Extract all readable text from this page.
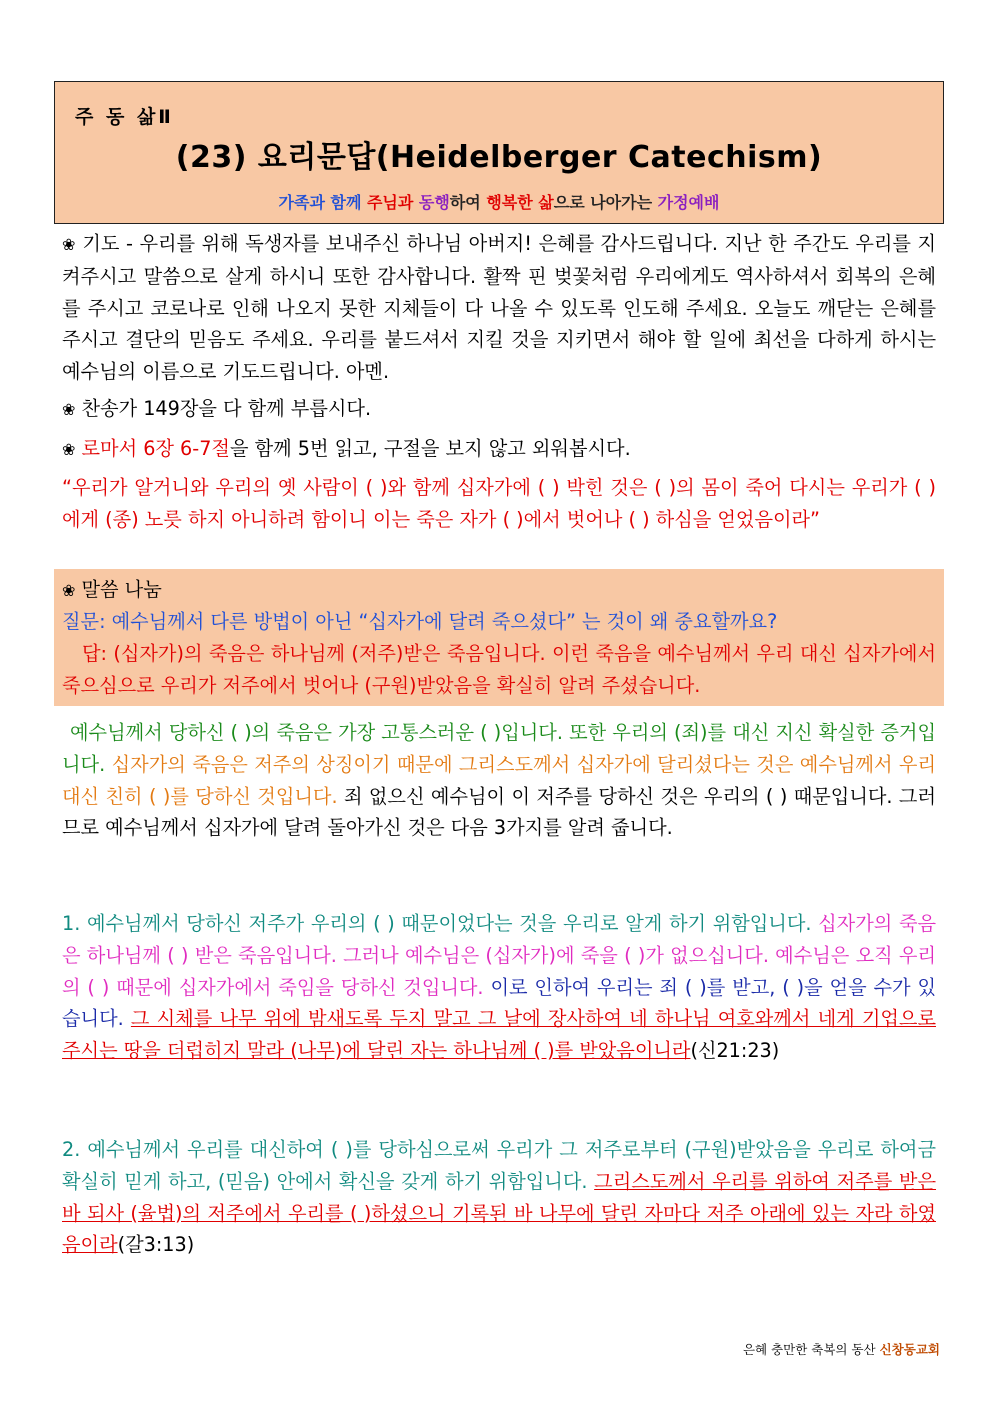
주 동 삶Ⅱ
(23) 요리문답(Heidelberger Catechism)
가족과 함께 주님과 동행하여 행복한 삶으로 나아가는 가정예배
❀ 기도 - 우리를 위해 독생자를 보내주신 하나님 아버지! 은혜를 감사드립니다. 지난 한 주간도 우리를 지켜주시고 말씀으로 살게 하시니 또한 감사합니다. 활짝 핀 벚꽃처럼 우리에게도 역사하셔서 회복의 은혜를 주시고 코로나로 인해 나오지 못한 지체들이 다 나올 수 있도록 인도해 주세요. 오늘도 깨닫는 은혜를 주시고 결단의 믿음도 주세요. 우리를 붙드셔서 지킬 것을 지키면서 해야 할 일에 최선을 다하게 하시는 예수님의 이름으로 기도드립니다. 아멘.
❀ 찬송가 149장을 다 함께 부릅시다.
❀ 로마서 6장 6-7절을 함께 5번 읽고, 구절을 보지 않고 외워봅시다.
“우리가 알거니와 우리의 옛 사람이 ( )와 함께 십자가에 ( ) 박힌 것은 ( )의 몸이 죽어 다시는 우리가 ( )에게 (종) 노릇 하지 아니하려 함이니 이는 죽은 자가 ( )에서 벗어나 ( ) 하심을 얻었음이라”
❀ 말씀 나눔
질문: 예수님께서 다른 방법이 아닌 “십자가에 달려 죽으셨다” 는 것이 왜 중요할까요?
답: (십자가)의 죽음은 하나님께 (저주)받은 죽음입니다. 이런 죽음을 예수님께서 우리 대신 십자가에서 죽으심으로 우리가 저주에서 벗어나 (구원)받았음을 확실히 알려 주셨습니다.
예수님께서 당하신 ( )의 죽음은 가장 고통스러운 ( )입니다. 또한 우리의 (죄)를 대신 지신 확실한 증거입니다. 십자가의 죽음은 저주의 상징이기 때문에 그리스도께서 십자가에 달리셨다는 것은 예수님께서 우리 대신 친히 ( )를 당하신 것입니다. 죄 없으신 예수님이 이 저주를 당하신 것은 우리의 ( ) 때문입니다. 그러므로 예수님께서 십자가에 달려 돌아가신 것은 다음 3가지를 알려 줍니다.
1. 예수님께서 당하신 저주가 우리의 ( ) 때문이었다는 것을 우리로 알게 하기 위함입니다. 십자가의 죽음은 하나님께 ( ) 받은 죽음입니다. 그러나 예수님은 (십자가)에 죽을 ( )가 없으십니다. 예수님은 오직 우리의 ( ) 때문에 십자가에서 죽임을 당하신 것입니다. 이로 인하여 우리는 죄 ( )를 받고, ( )을 얻을 수가 있습니다. 그 시체를 나무 위에 밤새도록 두지 말고 그 날에 장사하여 네 하나님 여호와께서 네게 기업으로 주시는 땅을 더럽히지 말라 (나무)에 달린 자는 하나님께 ( )를 받았음이니라(신21:23)
2. 예수님께서 우리를 대신하여 ( )를 당하심으로써 우리가 그 저주로부터 (구원)받았음을 우리로 하여금 확실히 믿게 하고, (믿음) 안에서 확신을 갖게 하기 위함입니다. 그리스도께서 우리를 위하여 저주를 받은 바 되사 (율법)의 저주에서 우리를 ( )하셨으니 기록된 바 나무에 달린 자마다 저주 아래에 있는 자라 하였음이라(갈3:13)
은혜 충만한 축복의 동산 신창동교회
